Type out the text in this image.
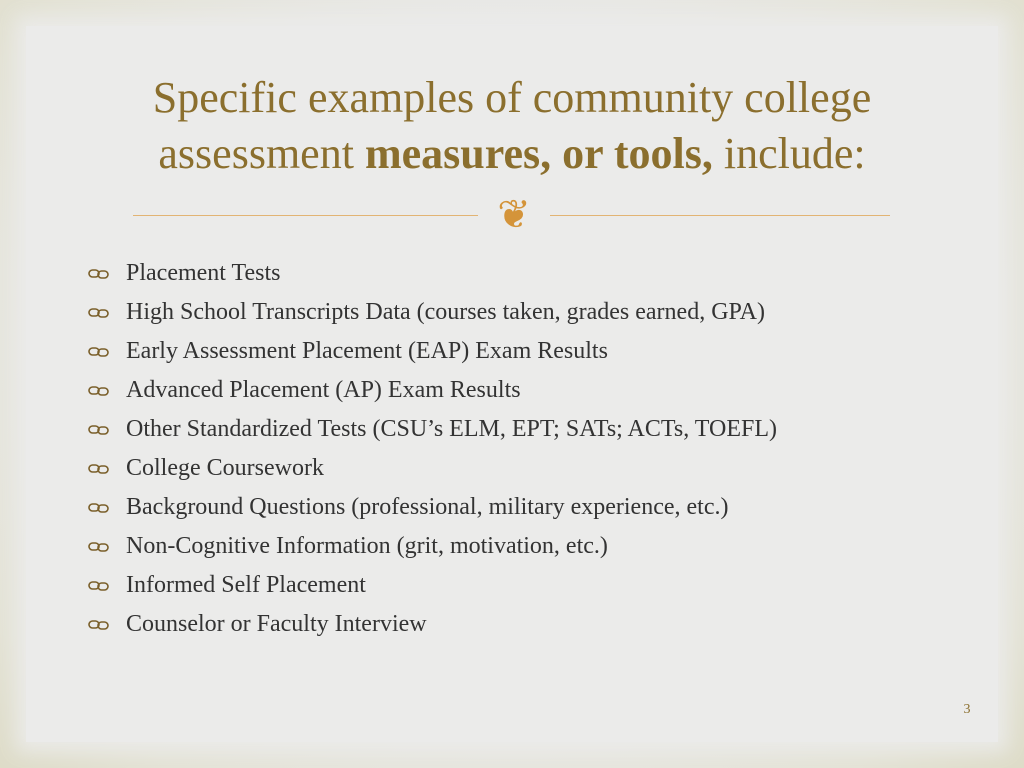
Specific examples of community college assessment measures, or tools, include:
❦
Placement Tests
High School Transcripts Data (courses taken, grades earned, GPA)
Early Assessment Placement (EAP) Exam Results
Advanced Placement (AP) Exam Results
Other Standardized Tests (CSU’s ELM, EPT; SATs; ACTs, TOEFL)
College Coursework
Background Questions (professional, military experience, etc.)
Non-Cognitive Information (grit, motivation, etc.)
Informed Self Placement
Counselor or Faculty Interview
3
